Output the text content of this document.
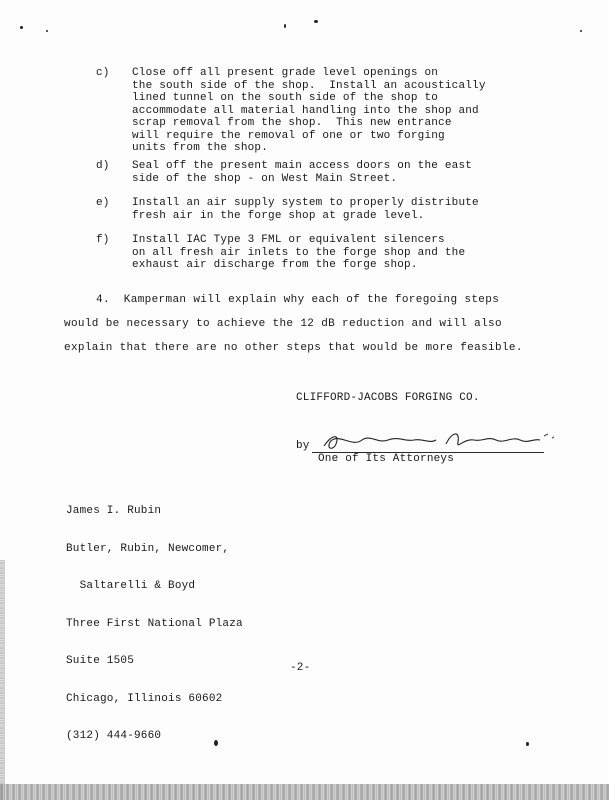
c)

Close off all present grade level openings on
the south side of the shop.  Install an acoustically
lined tunnel on the south side of the shop to
accommodate all material handling into the shop and
scrap removal from the shop.  This new entrance
will require the removal of one or two forging
units from the shop.

d)

Seal off the present main access doors on the east
side of the shop - on West Main Street.

e)

Install an air supply system to properly distribute
fresh air in the forge shop at grade level.

f)

Install IAC Type 3 FML or equivalent silencers
on all fresh air inlets to the forge shop and the
exhaust air discharge from the forge shop.

4.  Kamperman will explain why each of the foregoing steps
would be necessary to achieve the 12 dB reduction and will also
explain that there are no other steps that would be more feasible.
CLIFFORD-JACOBS FORGING CO.
by
One of Its Attorneys

James I. Rubin

Butler, Rubin, Newcomer,

Saltarelli & Boyd

Three First National Plaza

Suite 1505

Chicago, Illinois 60602

(312) 444-9660

-2-
